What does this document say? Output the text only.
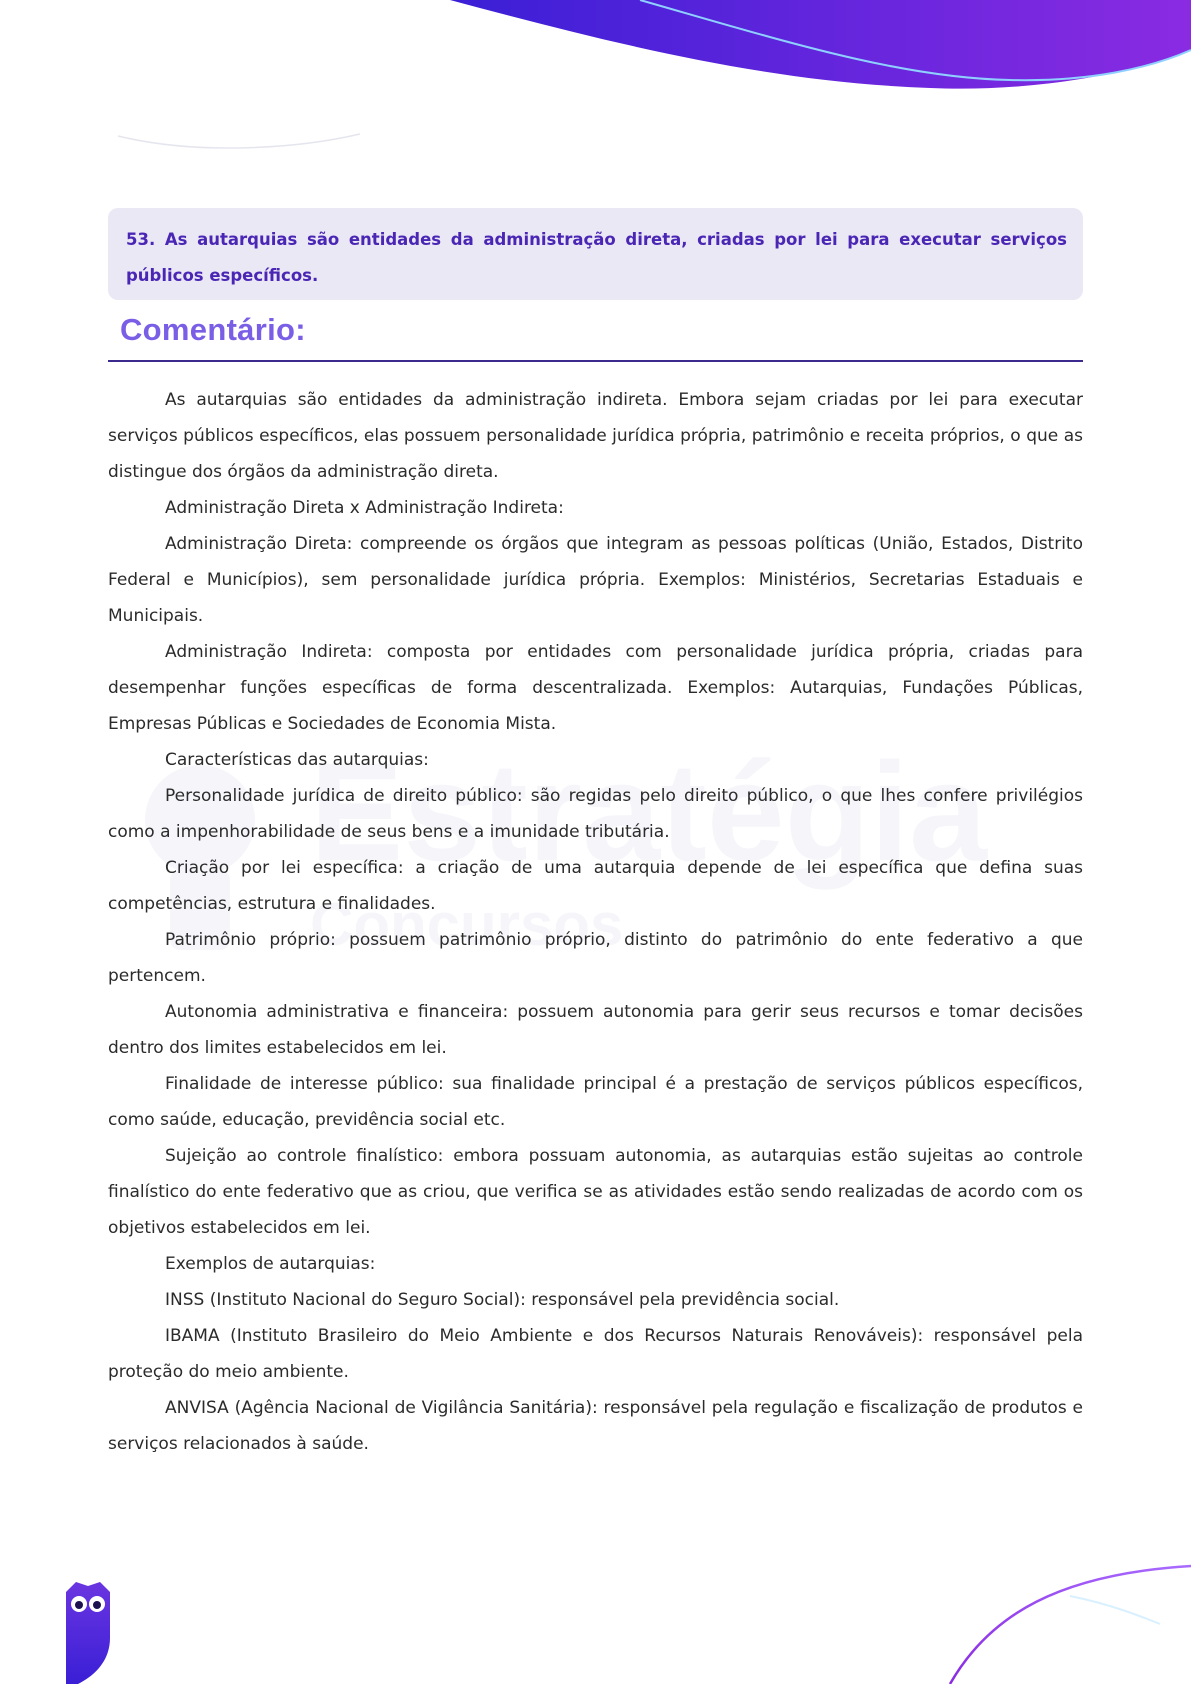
53. As autarquias são entidades da administração direta, criadas por lei para executar serviços públicos específicos.

Comentário:

As autarquias são entidades da administração indireta. Embora sejam criadas por lei para executar serviços públicos específicos, elas possuem personalidade jurídica própria, patrimônio e receita próprios, o que as distingue dos órgãos da administração direta.

Administração Direta x Administração Indireta:

Administração Direta: compreende os órgãos que integram as pessoas políticas (União, Estados, Distrito Federal e Municípios), sem personalidade jurídica própria. Exemplos: Ministérios, Secretarias Estaduais e Municipais.

Administração Indireta: composta por entidades com personalidade jurídica própria, criadas para desempenhar funções específicas de forma descentralizada. Exemplos: Autarquias, Fundações Públicas, Empresas Públicas e Sociedades de Economia Mista.

Características das autarquias:

Personalidade jurídica de direito público: são regidas pelo direito público, o que lhes confere privilégios como a impenhorabilidade de seus bens e a imunidade tributária.

Criação por lei específica: a criação de uma autarquia depende de lei específica que defina suas competências, estrutura e finalidades.

Patrimônio próprio: possuem patrimônio próprio, distinto do patrimônio do ente federativo a que pertencem.

Autonomia administrativa e financeira: possuem autonomia para gerir seus recursos e tomar decisões dentro dos limites estabelecidos em lei.

Finalidade de interesse público: sua finalidade principal é a prestação de serviços públicos específicos, como saúde, educação, previdência social etc.

Sujeição ao controle finalístico: embora possuam autonomia, as autarquias estão sujeitas ao controle finalístico do ente federativo que as criou, que verifica se as atividades estão sendo realizadas de acordo com os objetivos estabelecidos em lei.

Exemplos de autarquias:

INSS (Instituto Nacional do Seguro Social): responsável pela previdência social.

IBAMA (Instituto Brasileiro do Meio Ambiente e dos Recursos Naturais Renováveis): responsável pela proteção do meio ambiente.

ANVISA (Agência Nacional de Vigilância Sanitária): responsável pela regulação e fiscalização de produtos e serviços relacionados à saúde.
